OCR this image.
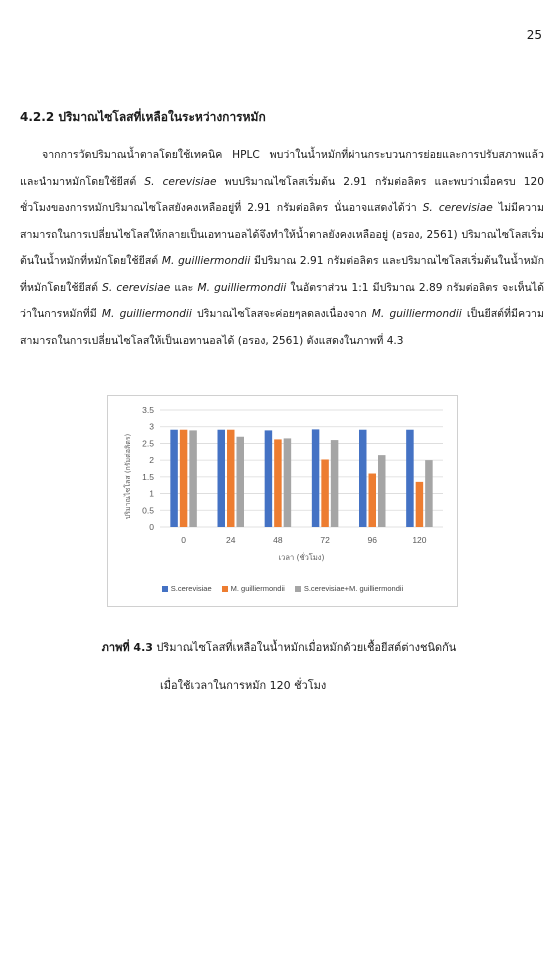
25
4.2.2 ปริมาณไซโลสที่เหลือในระหว่างการหมัก
จากการวัดปริมาณน้ำตาลโดยใช้เทคนิค HPLC พบว่าในน้ำหมักที่ผ่านกระบวนการย่อยและการปรับสภาพแล้วและนำมาหมักโดยใช้ยีสต์ S. cerevisiae พบปริมาณไซโลสเริ่มต้น 2.91 กรัมต่อลิตร และพบว่าเมื่อครบ 120 ชั่วโมงของการหมักปริมาณไซโลสยังคงเหลืออยู่ที่ 2.91 กรัมต่อลิตร นั่นอาจแสดงได้ว่า S. cerevisiae ไม่มีความสามารถในการเปลี่ยนไซโลสให้กลายเป็นเอทานอลได้จึงทำให้น้ำตาลยังคงเหลืออยู่ (อรอง, 2561) ปริมาณไซโลสเริ่มต้นในน้ำหมักที่หมักโดยใช้ยีสต์ M. guilliermondii มีปริมาณ 2.91 กรัมต่อลิตร และปริมาณไซโลสเริ่มต้นในน้ำหมักที่หมักโดยใช้ยีสต์ S. cerevisiae และ M. guilliermondii ในอัตราส่วน 1:1 มีปริมาณ 2.89 กรัมต่อลิตร จะเห็นได้ว่าในการหมักที่มี M. guilliermondii ปริมาณไซโลสจะค่อยๆลดลงเนื่องจาก M. guilliermondii เป็นยีสต์ที่มีความสามารถในการเปลี่ยนไซโลสให้เป็นเอทานอลได้ (อรอง, 2561) ดังแสดงในภาพที่ 4.3
0
0.5
1
1.5
2
2.5
3
3.5
0	24	48	72	96	120
เวลา (ชั่วโมง)
ปริมาณไซโลส (กรัมต่อลิตร)
S.cerevisiae	M. guilliermondii	S.cerevisiae+M. guilliermondii
ภาพที่ 4.3 ปริมาณไซโลสที่เหลือในน้ำหมักเมื่อหมักด้วยเชื้อยีสต์ต่างชนิดกัน
เมื่อใช้เวลาในการหมัก 120 ชั่วโมง
